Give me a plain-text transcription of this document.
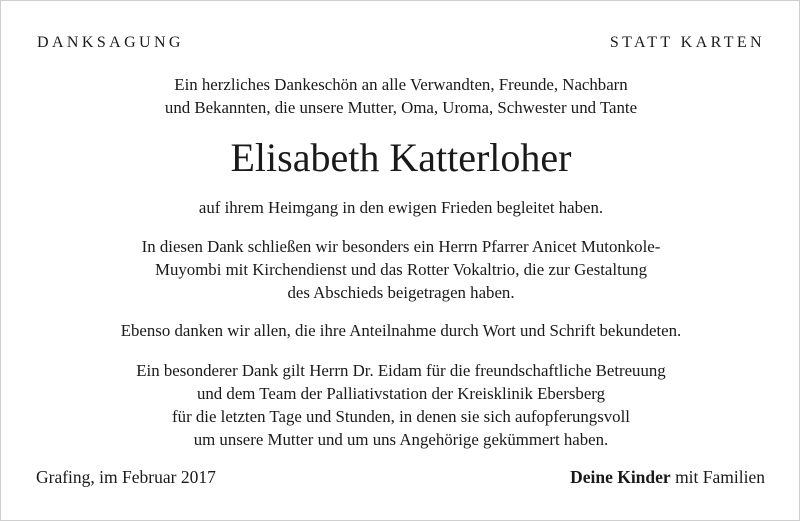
DANKSAGUNG	STATT KARTEN
Ein herzliches Dankeschön an alle Verwandten, Freunde, Nachbarn
und Bekannten, die unsere Mutter, Oma, Uroma, Schwester und Tante
Elisabeth Katterloher
auf ihrem Heimgang in den ewigen Frieden begleitet haben.
In diesen Dank schließen wir besonders ein Herrn Pfarrer Anicet Mutonkole-
Muyombi mit Kirchendienst und das Rotter Vokaltrio, die zur Gestaltung
des Abschieds beigetragen haben.
Ebenso danken wir allen, die ihre Anteilnahme durch Wort und Schrift bekundeten.
Ein besonderer Dank gilt Herrn Dr. Eidam für die freundschaftliche Betreuung
und dem Team der Palliativstation der Kreisklinik Ebersberg
für die letzten Tage und Stunden, in denen sie sich aufopferungsvoll
um unsere Mutter und um uns Angehörige gekümmert haben.
Grafing, im Februar 2017	Deine Kinder mit Familien
